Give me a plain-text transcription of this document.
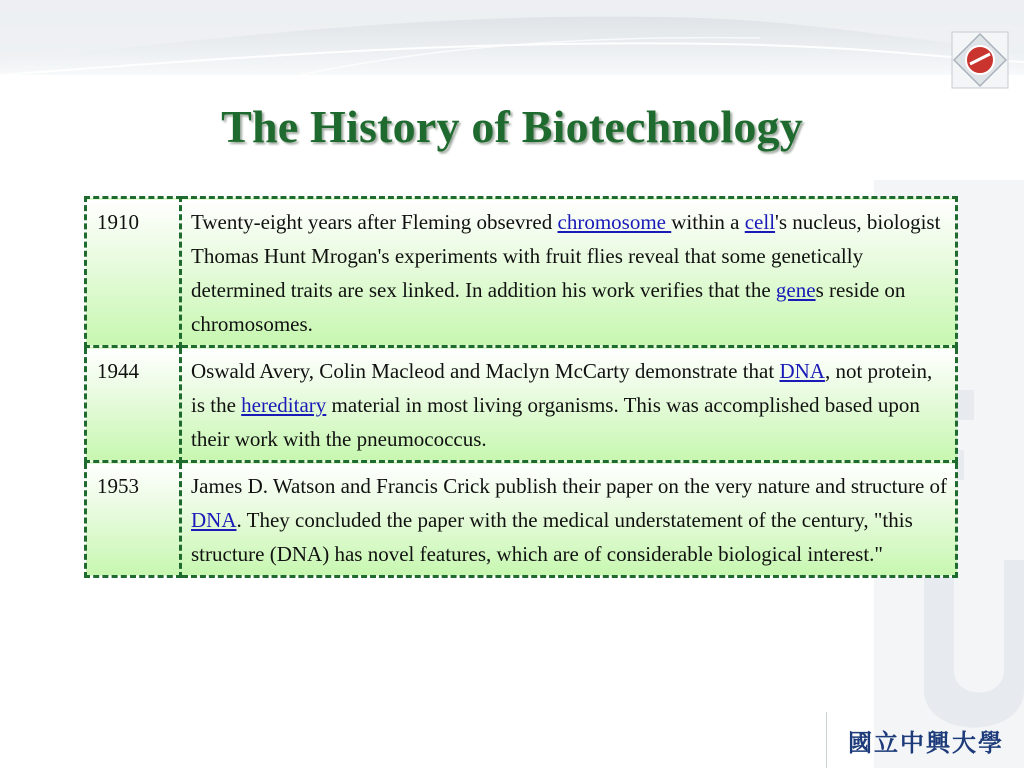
The History of Biotechnology
1910	Twenty-eight years after Fleming obsevred chromosome within a cell's nucleus, biologist Thomas Hunt Mrogan's experiments with fruit flies reveal that some genetically determined traits are sex linked. In addition his work verifies that the genes reside on chromosomes.
1944	Oswald Avery, Colin Macleod and Maclyn McCarty demonstrate that DNA, not protein, is the hereditary material in most living organisms. This was accomplished based upon their work with the pneumococcus.
1953	James D. Watson and Francis Crick publish their paper on the very nature and structure of DNA. They concluded the paper with the medical understatement of the century, "this structure (DNA) has novel features, which are of considerable biological interest."
國立中興大學
